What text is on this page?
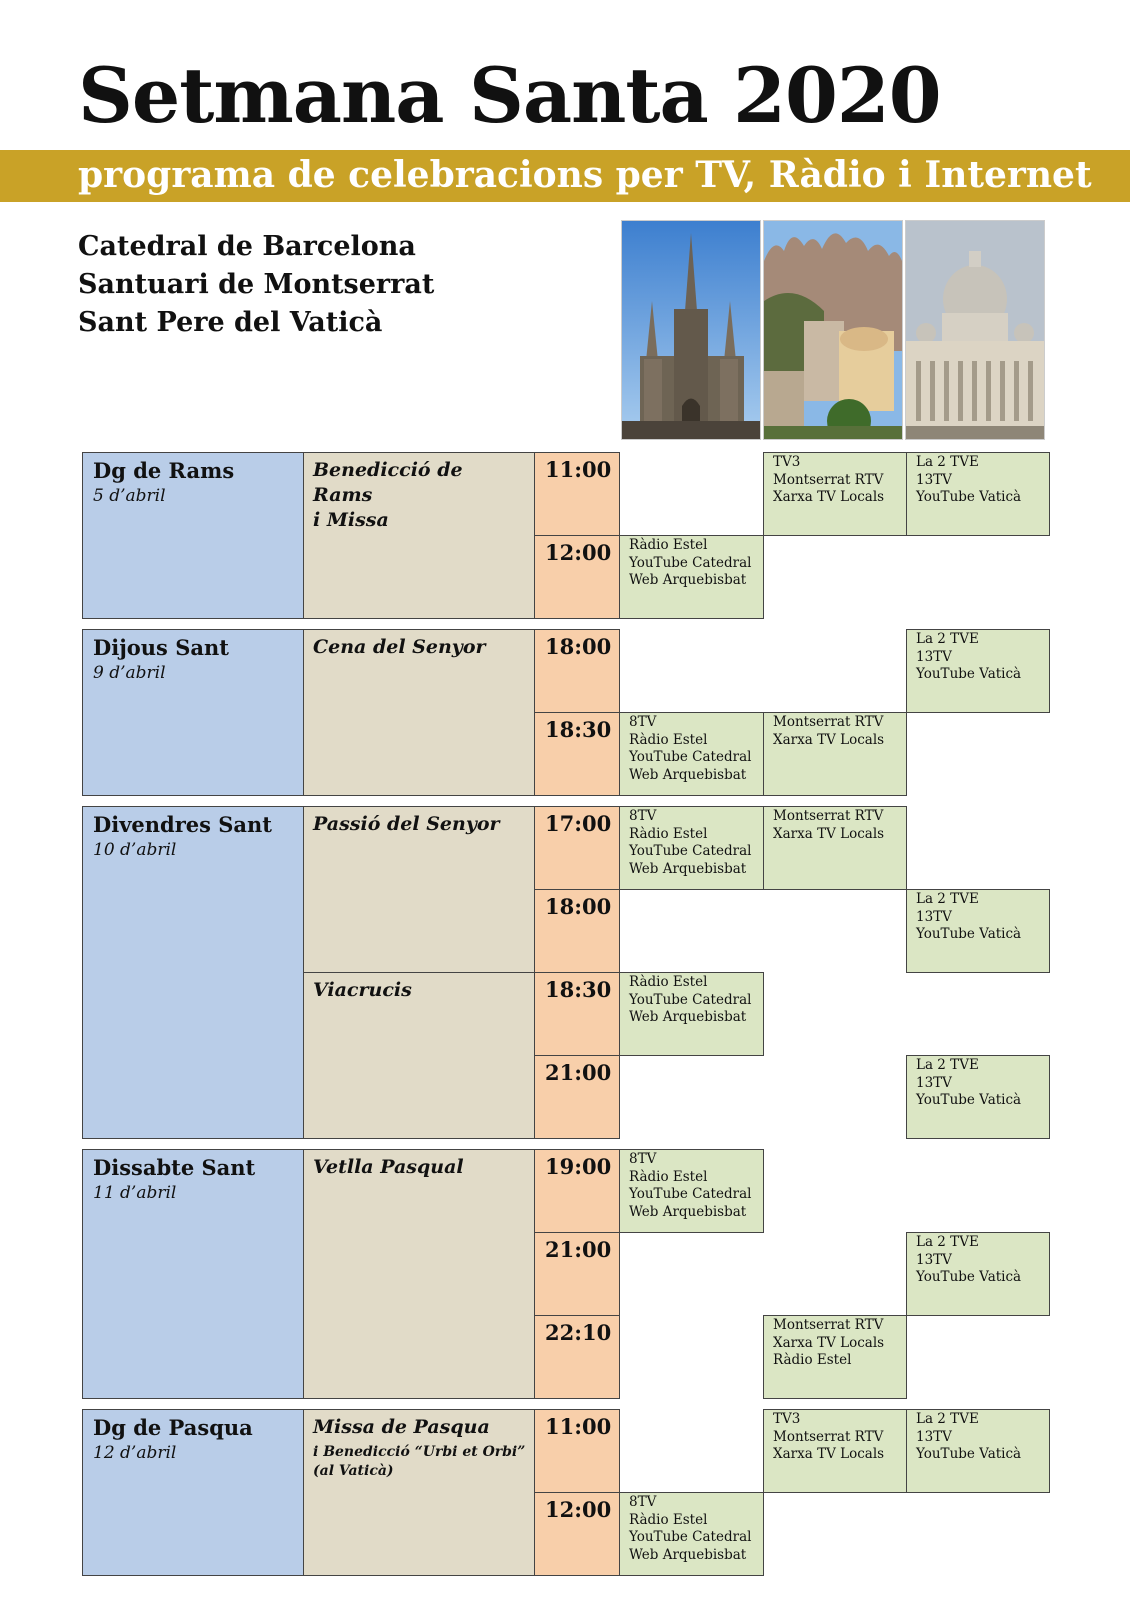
Setmana Santa 2020
programa de celebracions per TV, Ràdio i Internet
Catedral de Barcelona
Santuari de Montserrat
Sant Pere del Vaticà
Dg de Rams
5 d’abril
Dijous Sant
9 d’abril
Divendres Sant
10 d’abril
Dissabte Sant
11 d’abril
Dg de Pasqua
12 d’abril
Benedicció de Rams
i Missa
Cena del Senyor
Passió del Senyor
Viacrucis
Vetlla Pasqual
Missa de Pasqua
i Benedicció “Urbi et Orbi”
(al Vaticà)
11:00
12:00
18:00
18:30
17:00
18:00
18:30
21:00
19:00
21:00
22:10
11:00
12:00
TV3
Montserrat RTV
Xarxa TV Locals
La 2 TVE
13TV
YouTube Vaticà
Ràdio Estel
YouTube Catedral
Web Arquebisbat
La 2 TVE
13TV
YouTube Vaticà
8TV
Ràdio Estel
YouTube Catedral
Web Arquebisbat
Montserrat RTV
Xarxa TV Locals
8TV
Ràdio Estel
YouTube Catedral
Web Arquebisbat
Montserrat RTV
Xarxa TV Locals
La 2 TVE
13TV
YouTube Vaticà
Ràdio Estel
YouTube Catedral
Web Arquebisbat
La 2 TVE
13TV
YouTube Vaticà
8TV
Ràdio Estel
YouTube Catedral
Web Arquebisbat
La 2 TVE
13TV
YouTube Vaticà
Montserrat RTV
Xarxa TV Locals
Ràdio Estel
TV3
Montserrat RTV
Xarxa TV Locals
La 2 TVE
13TV
YouTube Vaticà
8TV
Ràdio Estel
YouTube Catedral
Web Arquebisbat
